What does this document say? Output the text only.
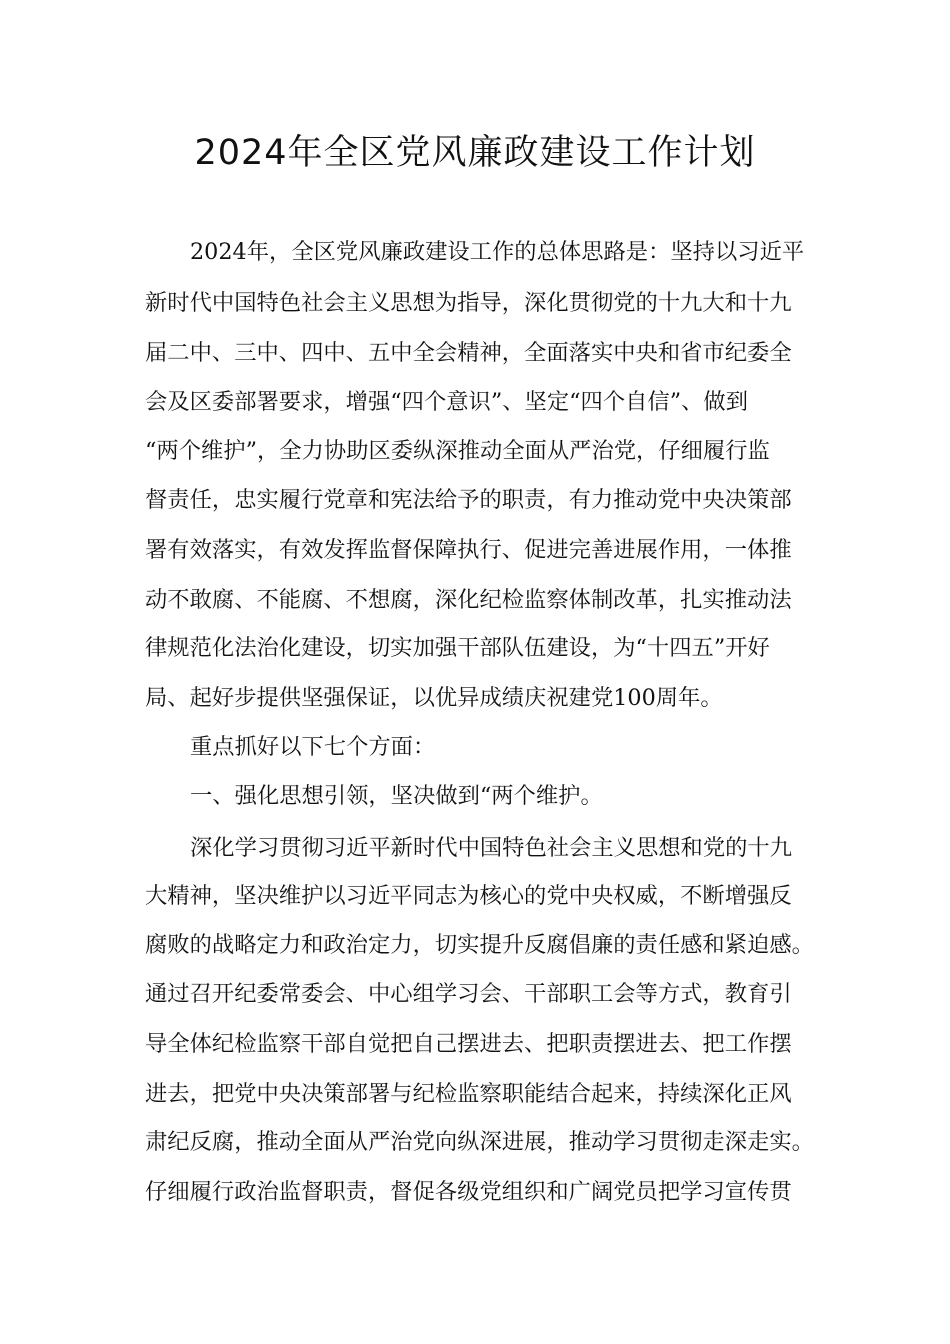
2024年全区党风廉政建设工作计划
2024年，全区党风廉政建设工作的总体思路是：坚持以习近平
新时代中国特色社会主义思想为指导，深化贯彻党的十九大和十九
届二中、三中、四中、五中全会精神，全面落实中央和省市纪委全
会及区委部署要求，增强“四个意识”、坚定“四个自信”、做到
“两个维护”，全力协助区委纵深推动全面从严治党，仔细履行监
督责任，忠实履行党章和宪法给予的职责，有力推动党中央决策部
署有效落实，有效发挥监督保障执行、促进完善进展作用，一体推
动不敢腐、不能腐、不想腐，深化纪检监察体制改革，扎实推动法
律规范化法治化建设，切实加强干部队伍建设，为“十四五”开好
局、起好步提供坚强保证，以优异成绩庆祝建党100周年。
重点抓好以下七个方面：
一、强化思想引领，坚决做到“两个维护。
深化学习贯彻习近平新时代中国特色社会主义思想和党的十九
大精神，坚决维护以习近平同志为核心的党中央权威，不断增强反
腐败的战略定力和政治定力，切实提升反腐倡廉的责任感和紧迫感。
通过召开纪委常委会、中心组学习会、干部职工会等方式，教育引
导全体纪检监察干部自觉把自己摆进去、把职责摆进去、把工作摆
进去，把党中央决策部署与纪检监察职能结合起来，持续深化正风
肃纪反腐，推动全面从严治党向纵深进展，推动学习贯彻走深走实。
仔细履行政治监督职责，督促各级党组织和广阔党员把学习宣传贯
